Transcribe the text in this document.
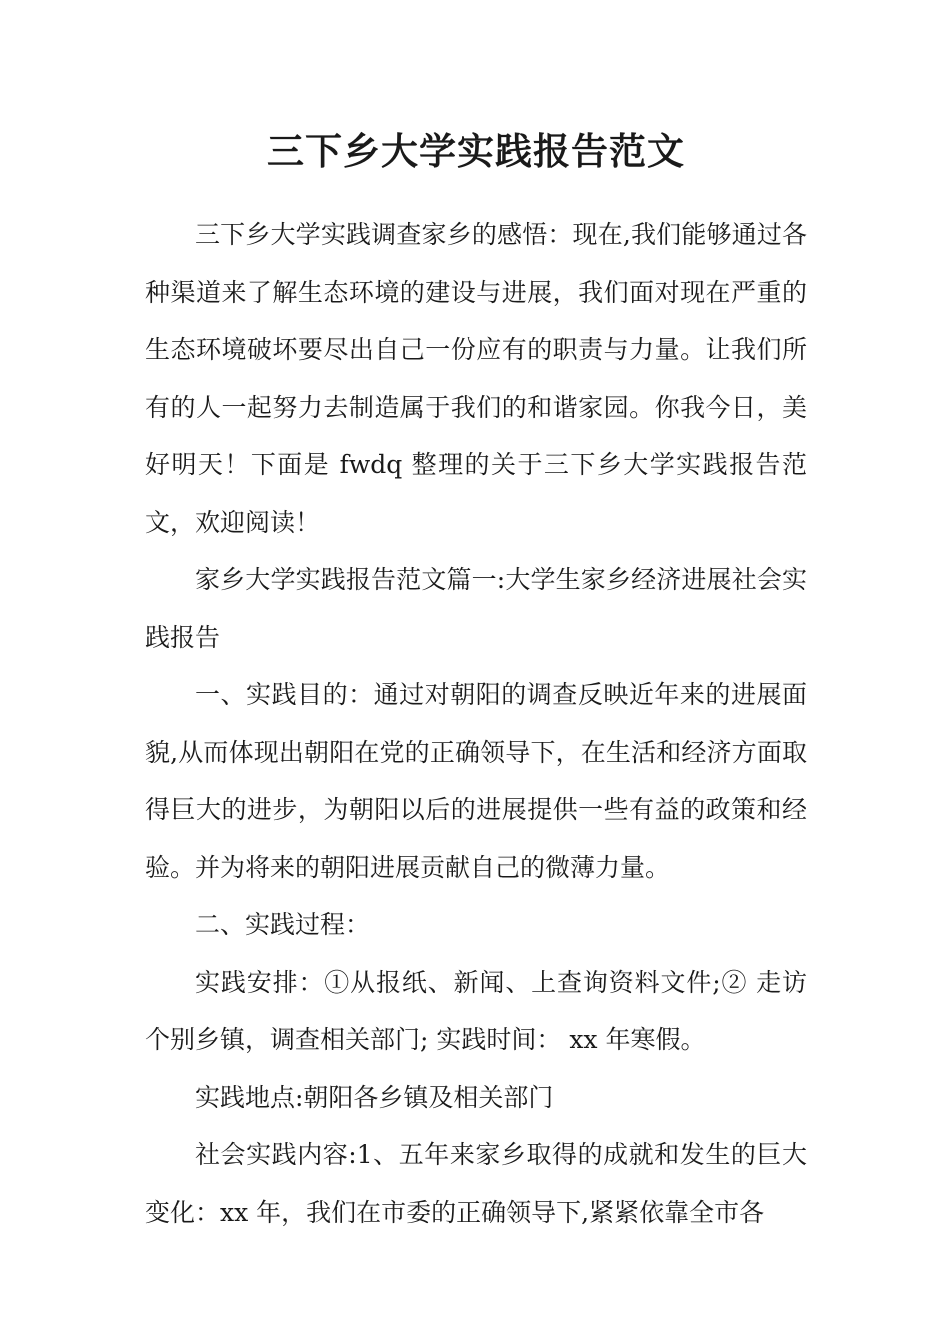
三下乡大学实践报告范文

三下乡大学实践调查家乡的感悟：现在,我们能够通过各种渠道来了解生态环境的建设与进展，我们面对现在严重的生态环境破坏要尽出自己一份应有的职责与力量。让我们所有的人一起努力去制造属于我们的和谐家园。你我今日，美好明天！下面是 fwdq 整理的关于三下乡大学实践报告范文，欢迎阅读！

家乡大学实践报告范文篇一:大学生家乡经济进展社会实践报告

一、实践目的：通过对朝阳的调查反映近年来的进展面貌,从而体现出朝阳在党的正确领导下，在生活和经济方面取得巨大的进步，为朝阳以后的进展提供一些有益的政策和经验。并为将来的朝阳进展贡献自己的微薄力量。

二、实践过程：

实践安排：①从报纸、新闻、上查询资料文件;② 走访个别乡镇，调查相关部门; 实践时间： xx 年寒假。

实践地点:朝阳各乡镇及相关部门

社会实践内容:1、五年来家乡取得的成就和发生的巨大变化：xx 年，我们在市委的正确领导下,紧紧依靠全市各
